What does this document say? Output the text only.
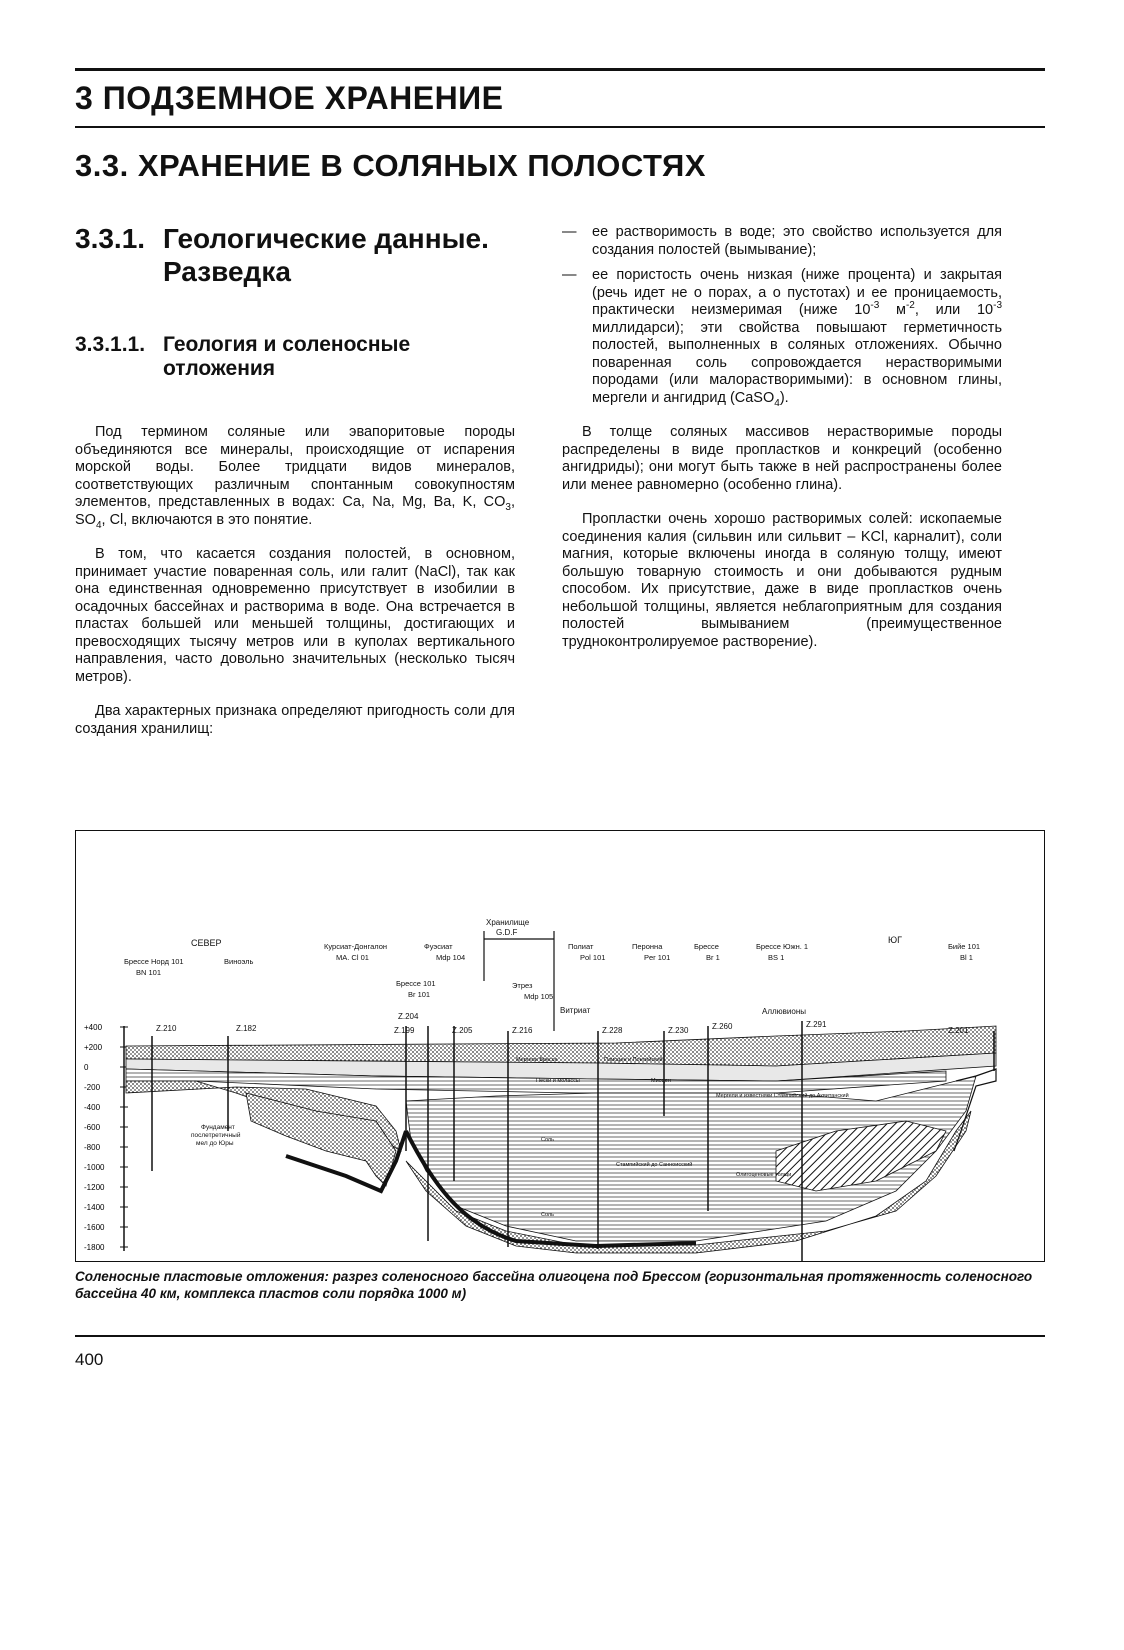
3 ПОДЗЕМНОЕ ХРАНЕНИЕ
3.3. ХРАНЕНИЕ В СОЛЯНЫХ ПОЛОСТЯХ
3.3.1. Геологические данные.
Разведка
3.3.1.1. Геология и соленосные
отложения

Под термином соляные или эвапоритовые породы объединяются все минералы, происходящие от испарения морской воды. Более тридцати видов минералов, соответствующих различным спонтанным совокупностям элементов, представленных в водах: Ca, Na, Mg, Ba, K, $CO_3$, $SO_4$, Cl, включаются в это понятие.

В том, что касается создания полостей, в основном, принимает участие поваренная соль, или галит (NaCl), так как она единственная одновременно присутствует в изобилии в осадочных бассейнах и растворима в воде. Она встречается в пластах большей или меньшей толщины, достигающих и превосходящих тысячу метров или в куполах вертикального направления, часто довольно значительных (несколько тысяч метров).

Два характерных признака определяют пригодность соли для создания хранилищ:

— ее растворимость в воде; это свойство используется для создания полостей (вымывание);

— ее пористость очень низкая (ниже процента) и закрытая (речь идет не о порах, а о пустотах) и ее проницаемость, практически неизмеримая (ниже $10^{-3}$ $м^{-2}$, или $10^{-3}$ миллидарси); эти свойства повышают герметичность полостей, выполненных в соляных отложениях. Обычно поваренная соль сопровождается нерастворимыми породами (или малорастворимыми): в основном глины, мергели и ангидрид (CaSO$_4$).

В толще соляных массивов нерастворимые породы распределены в виде пропластков и конкреций (особенно ангидриды); они могут быть также в ней распространены более или менее равномерно (особенно глина).

Пропластки очень хорошо растворимых солей: ископаемые соединения калия (сильвин или сильвит – KCl, карналит), соли магния, которые включены иногда в соляную толщу, имеют большую товарную стоимость и они добываются рудным способом. Их присутствие, даже в виде пропластков очень небольшой толщины, является неблагоприятным для создания полостей вымыванием (преимущественное трудноконтролируемое растворение).

+400
+200
0
-200
-400
-600
-800
-1000
-1200
-1400
-1600
-1800
СЕВЕР	ЮГ
Хранилище
G.D.F
Витриат	Аллювионы
Брессе Норд 101
BN 101
Виноэль
Курсиат-Донгалон
MA. Cl 01
Фуэсиат
Mdp 104
Брессе 101
Br 101
Этрез
Mdp 105
Полиат
Pol 101
Перонна
Per 101
Брессе
Br 1
Брессе Южн. 1
BS 1
Бийе 101
Bl 1
Z.210	Z.182
Z.204
Z.199	Z.205	Z.216	Z.228	Z.230	Z.260	Z.291
Z.201
Мергели Брессе	Плиоцен и Понтийский
Пески и молассы	Миоцен
Мергели и известняки Стампийский до Аквитанский
Соль
Соль
Стампийский до Санноисский
Олигоценовые толщи
Фундамент
послетретичный
мел до Юры
Соленосные пластовые отложения: разрез соленосного бассейна олигоцена под Брессом (горизонтальная протяженность соленосного бассейна 40 км, комплекса пластов соли порядка 1000 м)
400
